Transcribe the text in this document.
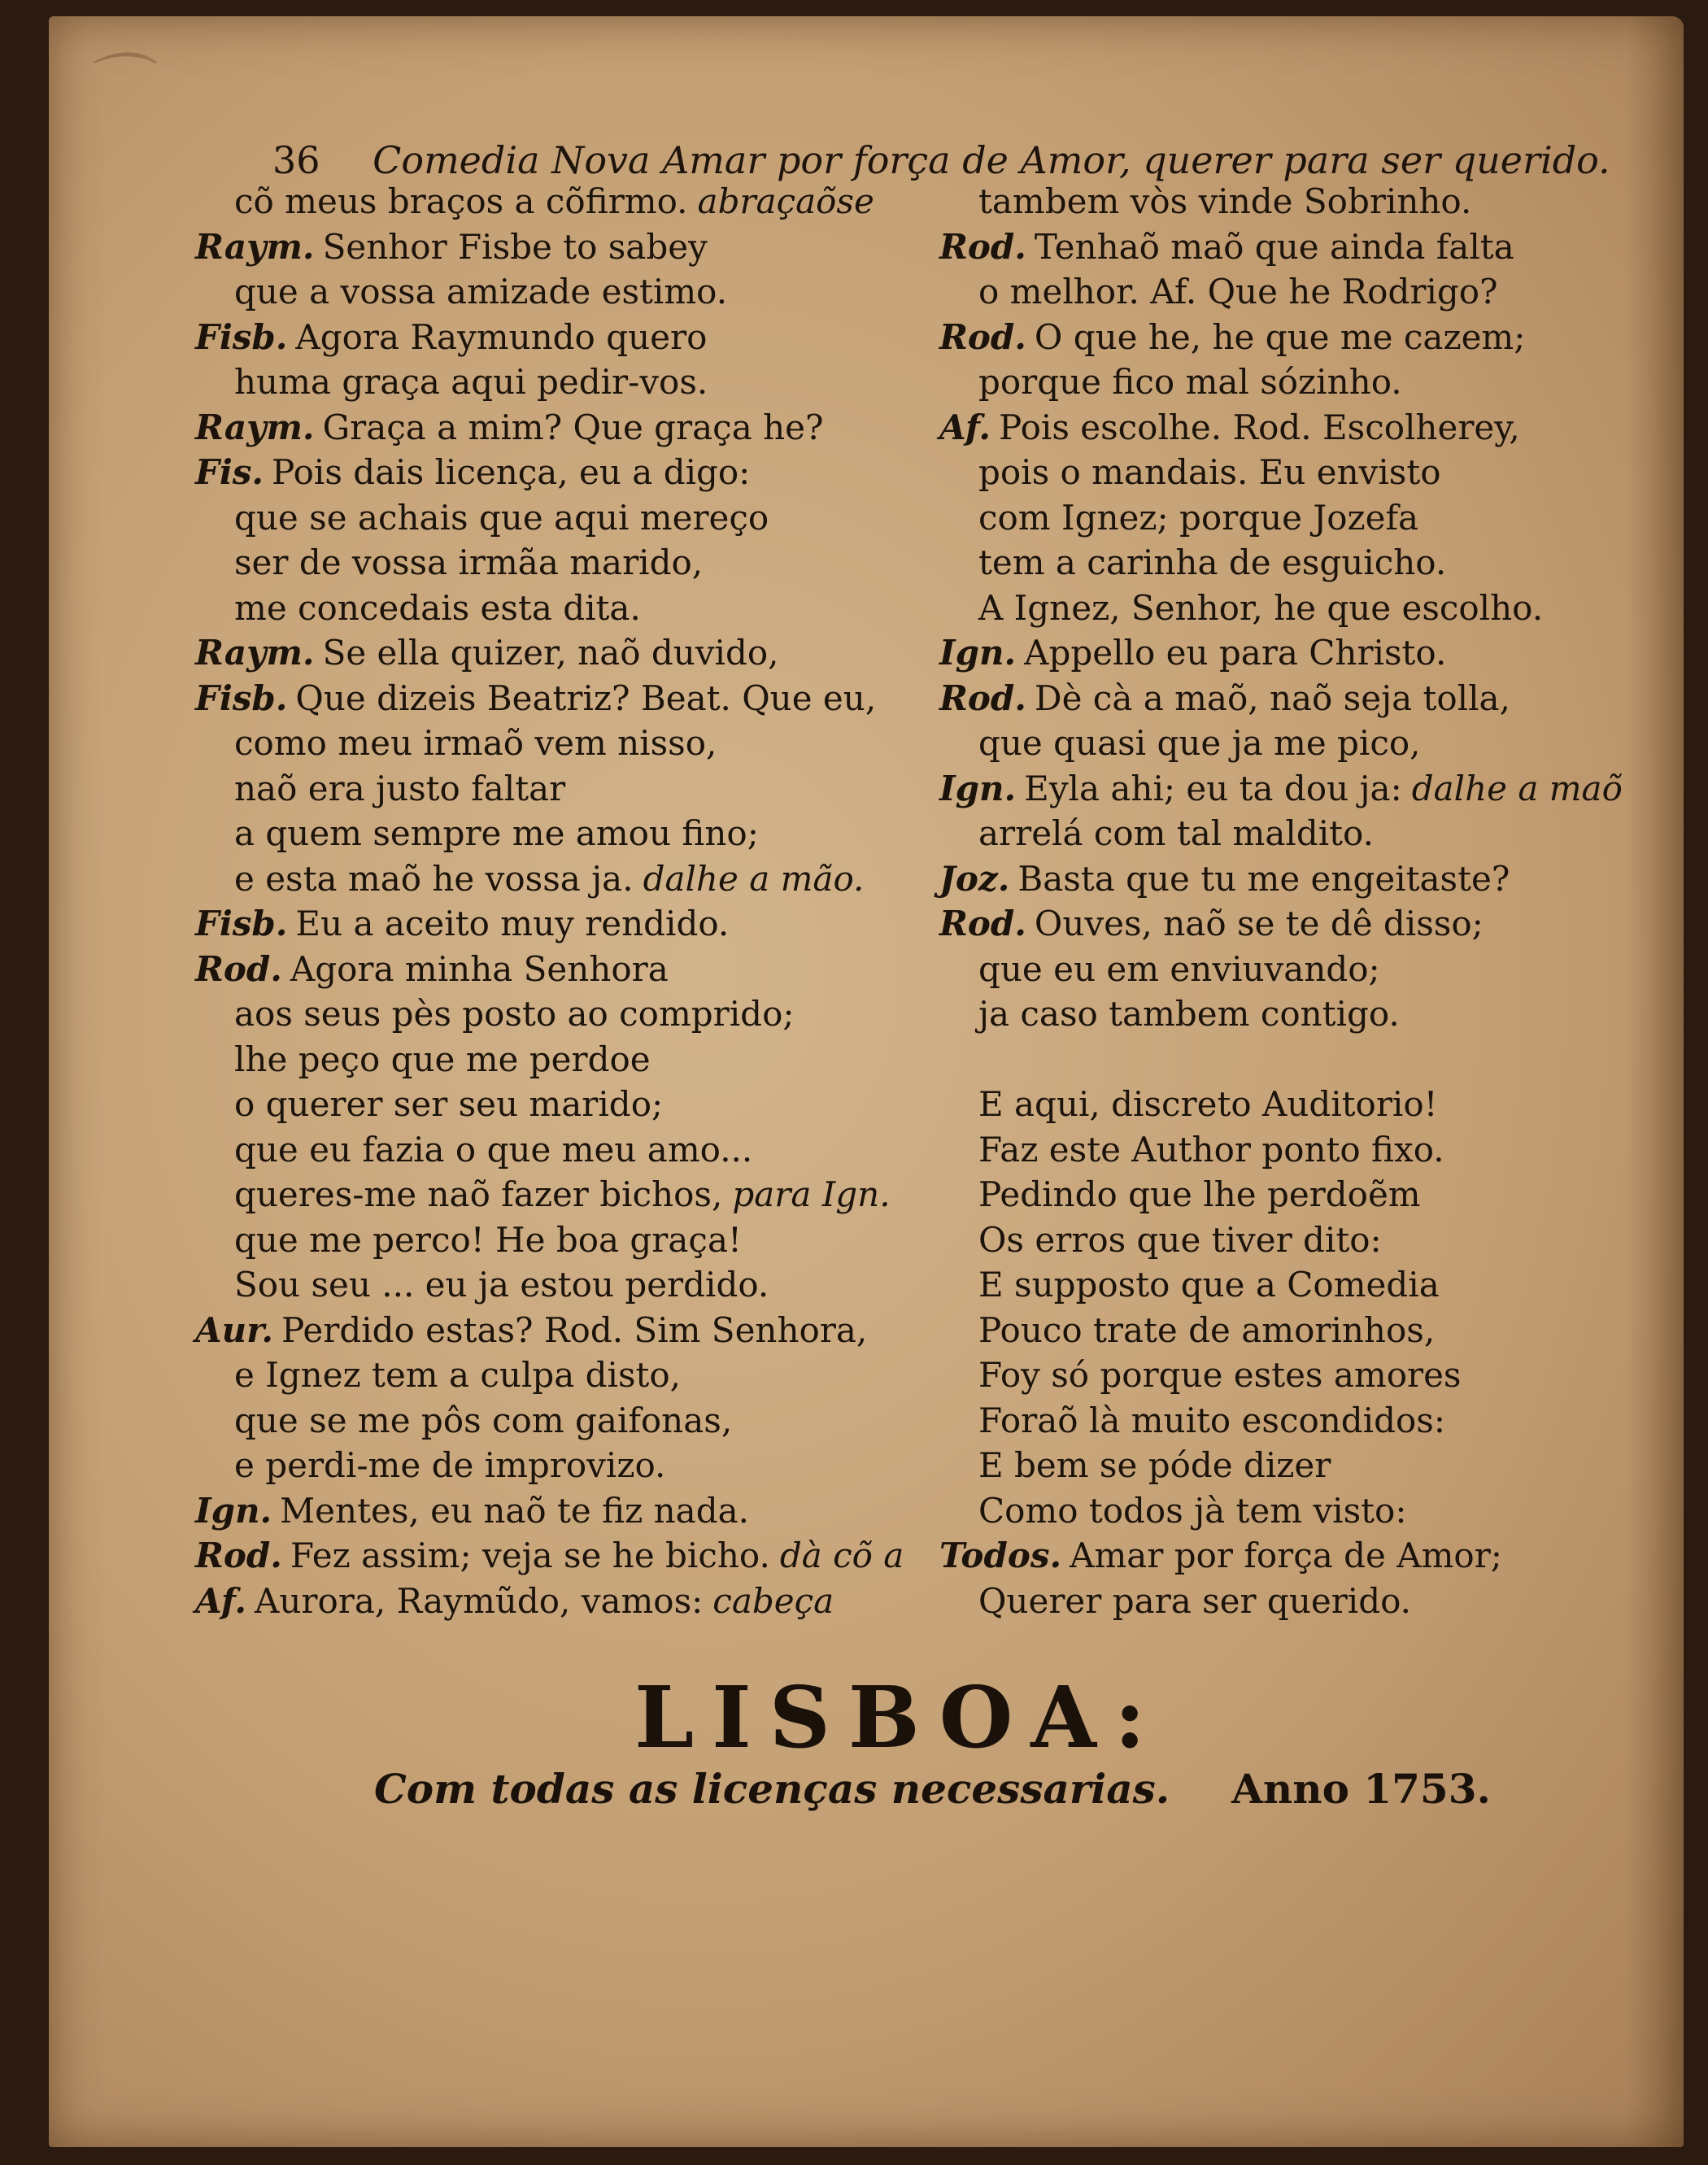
⌒
36 Comedia Nova Amar por força de Amor, querer para ser querido.
cõ meus braços a cõfirmo. abraçaõse
Raym. Senhor Fisbe to sabey
que a vossa amizade estimo.
Fisb. Agora Raymundo quero
huma graça aqui pedir-vos.
Raym. Graça a mim? Que graça he?
Fis. Pois dais licença, eu a digo:
que se achais que aqui mereço
ser de vossa irmãa marido,
me concedais esta dita.
Raym. Se ella quizer, naõ duvido,
Fisb. Que dizeis Beatriz? Beat. Que eu,
como meu irmaõ vem nisso,
naõ era justo faltar
a quem sempre me amou fino;
e esta maõ he vossa ja. dalhe a mão.
Fisb. Eu a aceito muy rendido.
Rod. Agora minha Senhora
aos seus pès posto ao comprido;
lhe peço que me perdoe
o querer ser seu marido;
que eu fazia o que meu amo...
queres-me naõ fazer bichos, para Ign.
que me perco! He boa graça!
Sou seu ... eu ja estou perdido.
Aur. Perdido estas? Rod. Sim Senhora,
e Ignez tem a culpa disto,
que se me pôs com gaifonas,
e perdi-me de improvizo.
Ign. Mentes, eu naõ te fiz nada.
Rod. Fez assim; veja se he bicho. dà cõ a
Af. Aurora, Raymũdo, vamos: cabeça
tambem vòs vinde Sobrinho.
Rod. Tenhaõ maõ que ainda falta
o melhor. Af. Que he Rodrigo?
Rod. O que he, he que me cazem;
porque fico mal sózinho.
Af. Pois escolhe. Rod. Escolherey,
pois o mandais. Eu envisto
com Ignez; porque Jozefa
tem a carinha de esguicho.
A Ignez, Senhor, he que escolho.
Ign. Appello eu para Christo.
Rod. Dè cà a maõ, naõ seja tolla,
que quasi que ja me pico,
Ign. Eyla ahi; eu ta dou ja: dalhe a maõ
arrelá com tal maldito.
Joz. Basta que tu me engeitaste?
Rod. Ouves, naõ se te dê disso;
que eu em enviuvando;
ja caso tambem contigo.
E aqui, discreto Auditorio!
Faz este Author ponto fixo.
Pedindo que lhe perdoẽm
Os erros que tiver dito:
E supposto que a Comedia
Pouco trate de amorinhos,
Foy só porque estes amores
Foraõ là muito escondidos:
E bem se póde dizer
Como todos jà tem visto:
Todos. Amar por força de Amor;
Querer para ser querido.
LISBOA:
Com todas as licenças necessarias. Anno 1753.
